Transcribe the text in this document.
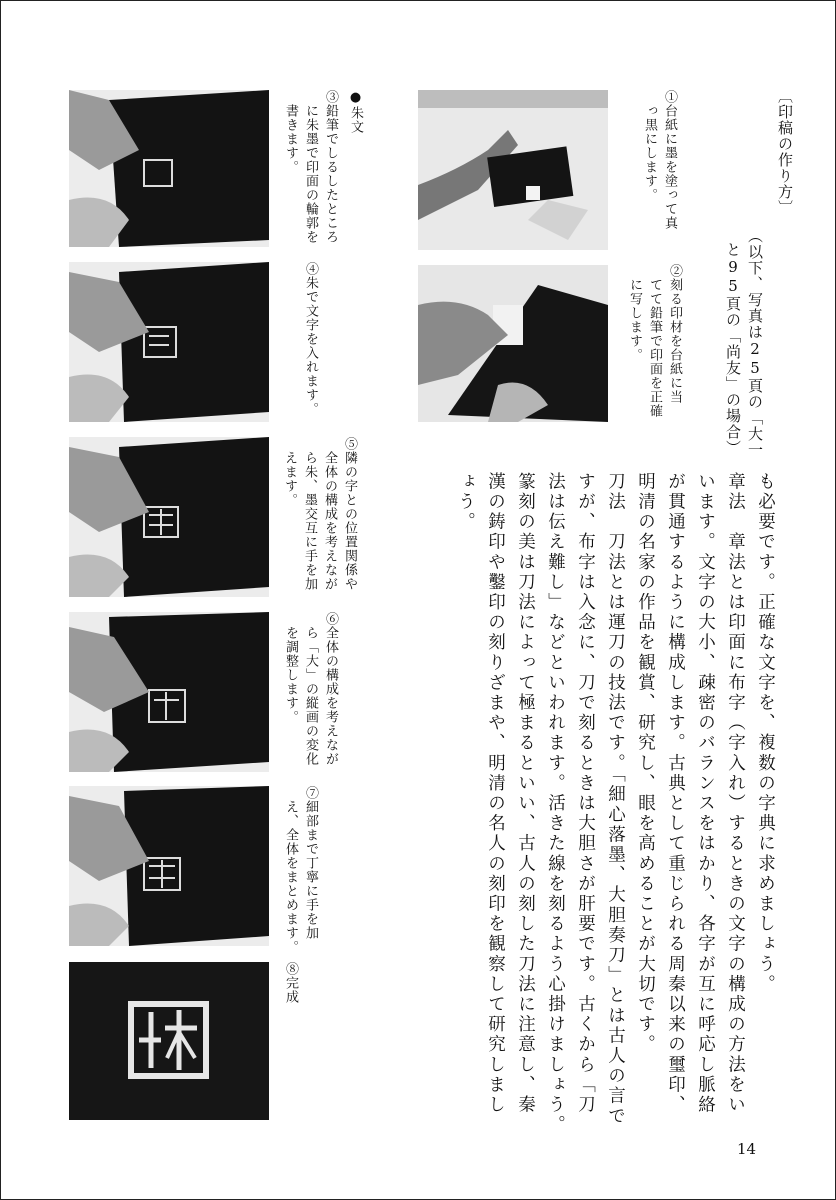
〔印稿の作り方〕
（以下、写真は25頁の「大一
と95頁の「尚友」の場合）
①台紙に墨を塗って真
っ黒にします。
②刻る印材を台紙に当
てて鉛筆で印面を正確
に写します。
●朱文
③鉛筆でしるしたところ
に朱墨で印面の輪郭を
書きます。
④朱で文字を入れます。
⑤隣の字との位置関係や
全体の構成を考えなが
ら朱、墨交互に手を加
えます。
⑥全体の構成を考えなが
ら「大」の縦画の変化
を調整します。
⑦細部まで丁寧に手を加
え、全体をまとめます。
⑧完成	も必要です。正確な文字を、複数の字典に求めましょう。
章法　章法とは印面に布字（字入れ）するときの文字の構成の方法をい
います。文字の大小、疎密のバランスをはかり、各字が互に呼応し脈絡
が貫通するように構成します。古典として重じられる周秦以来の璽印、
明清の名家の作品を観賞、研究し、眼を高めることが大切です。
刀法　刀法とは運刀の技法です。「細心落墨、大胆奏刀」とは古人の言で
すが、布字は入念に、刀で刻るときは大胆さが肝要です。古くから「刀
法は伝え難し」などといわれます。活きた線を刻るよう心掛けましょう。
篆刻の美は刀法によって極まるといい、古人の刻した刀法に注意し、秦
漢の鋳印や鑿印の刻りざまや、明清の名人の刻印を観察して研究しまし
ょう。
14
